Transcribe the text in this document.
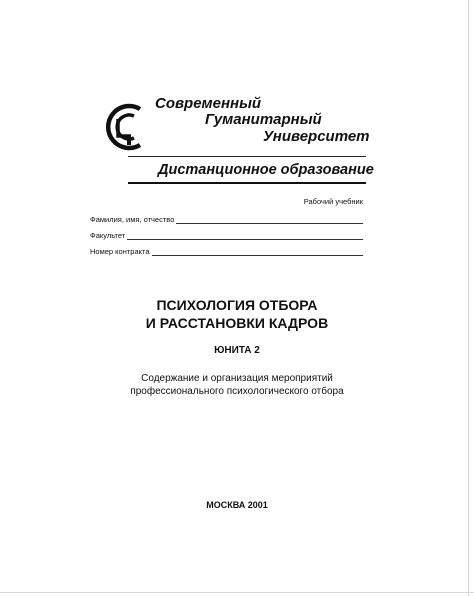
Современный
Гуманитарный
Университет
Дистанционное образование
Рабочий учебник
Фамилия, имя, отчество
Факультет
Номер контракта
ПСИХОЛОГИЯ ОТБОРА
И РАССТАНОВКИ КАДРОВ
ЮНИТА 2
Содержание и организация мероприятий
профессионального психологического отбора
МОСКВА 2001
